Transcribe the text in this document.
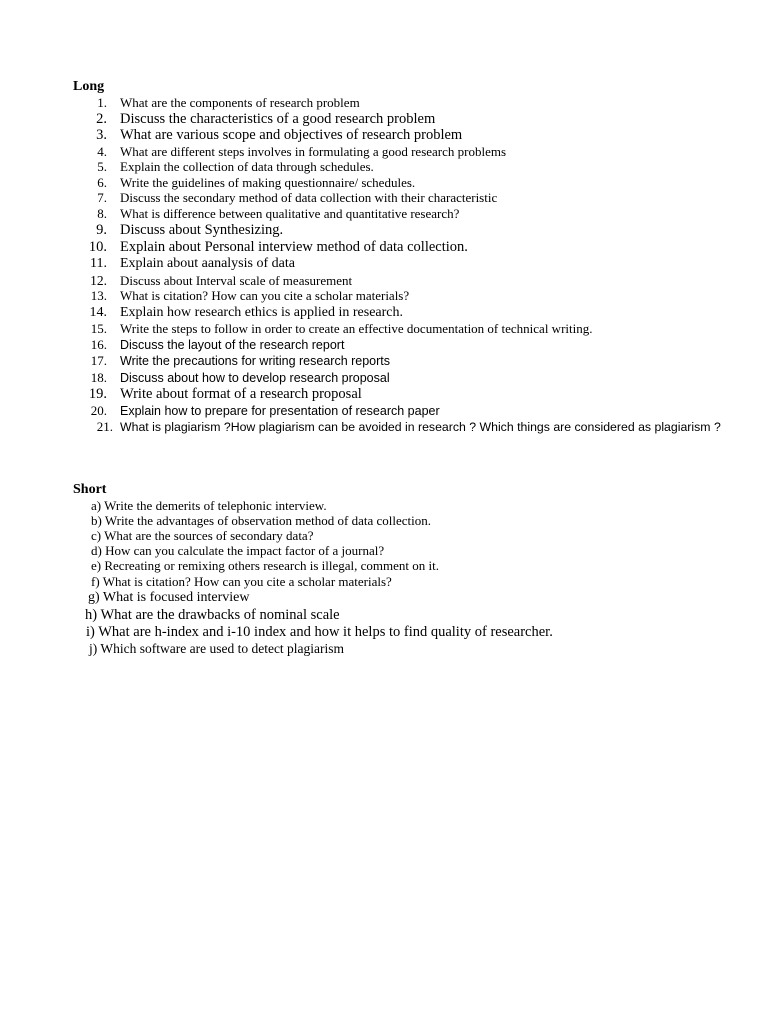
Long
1. What are the components of research problem
2. Discuss the characteristics of a good research problem
3. What are various scope and objectives of research problem
4. What are different steps involves in formulating a good research problems
5. Explain the collection of data through schedules.
6. Write the guidelines of making questionnaire/ schedules.
7. Discuss the secondary method of data collection with their characteristic
8. What is difference between qualitative and quantitative research?
9. Discuss about Synthesizing.
10. Explain about Personal interview method of data collection.
11. Explain about aanalysis of data
12. Discuss about Interval scale of measurement
13. What is citation? How can you cite a scholar materials?
14. Explain how research ethics is applied in research.
15. Write the steps to follow in order to create an effective documentation of technical writing.
16. Discuss the layout of the research report
17. Write the precautions for writing research reports
18. Discuss about how to develop research proposal
19. Write about format of a research proposal
20. Explain how to prepare for presentation of research paper
21. What is plagiarism ?How plagiarism can be avoided in research ? Which things are considered as plagiarism ?

Short
a) Write the demerits of telephonic interview.
b) Write the advantages of observation method of data collection.
c) What are the sources of secondary data?
d) How can you calculate the impact factor of a journal?
e) Recreating or remixing others research is illegal, comment on it.
f) What is citation? How can you cite a scholar materials?
g) What is focused interview
h) What are the drawbacks of nominal scale
i) What are h-index and i-10 index and how it helps to find quality of researcher.
j) Which software are used to detect plagiarism
